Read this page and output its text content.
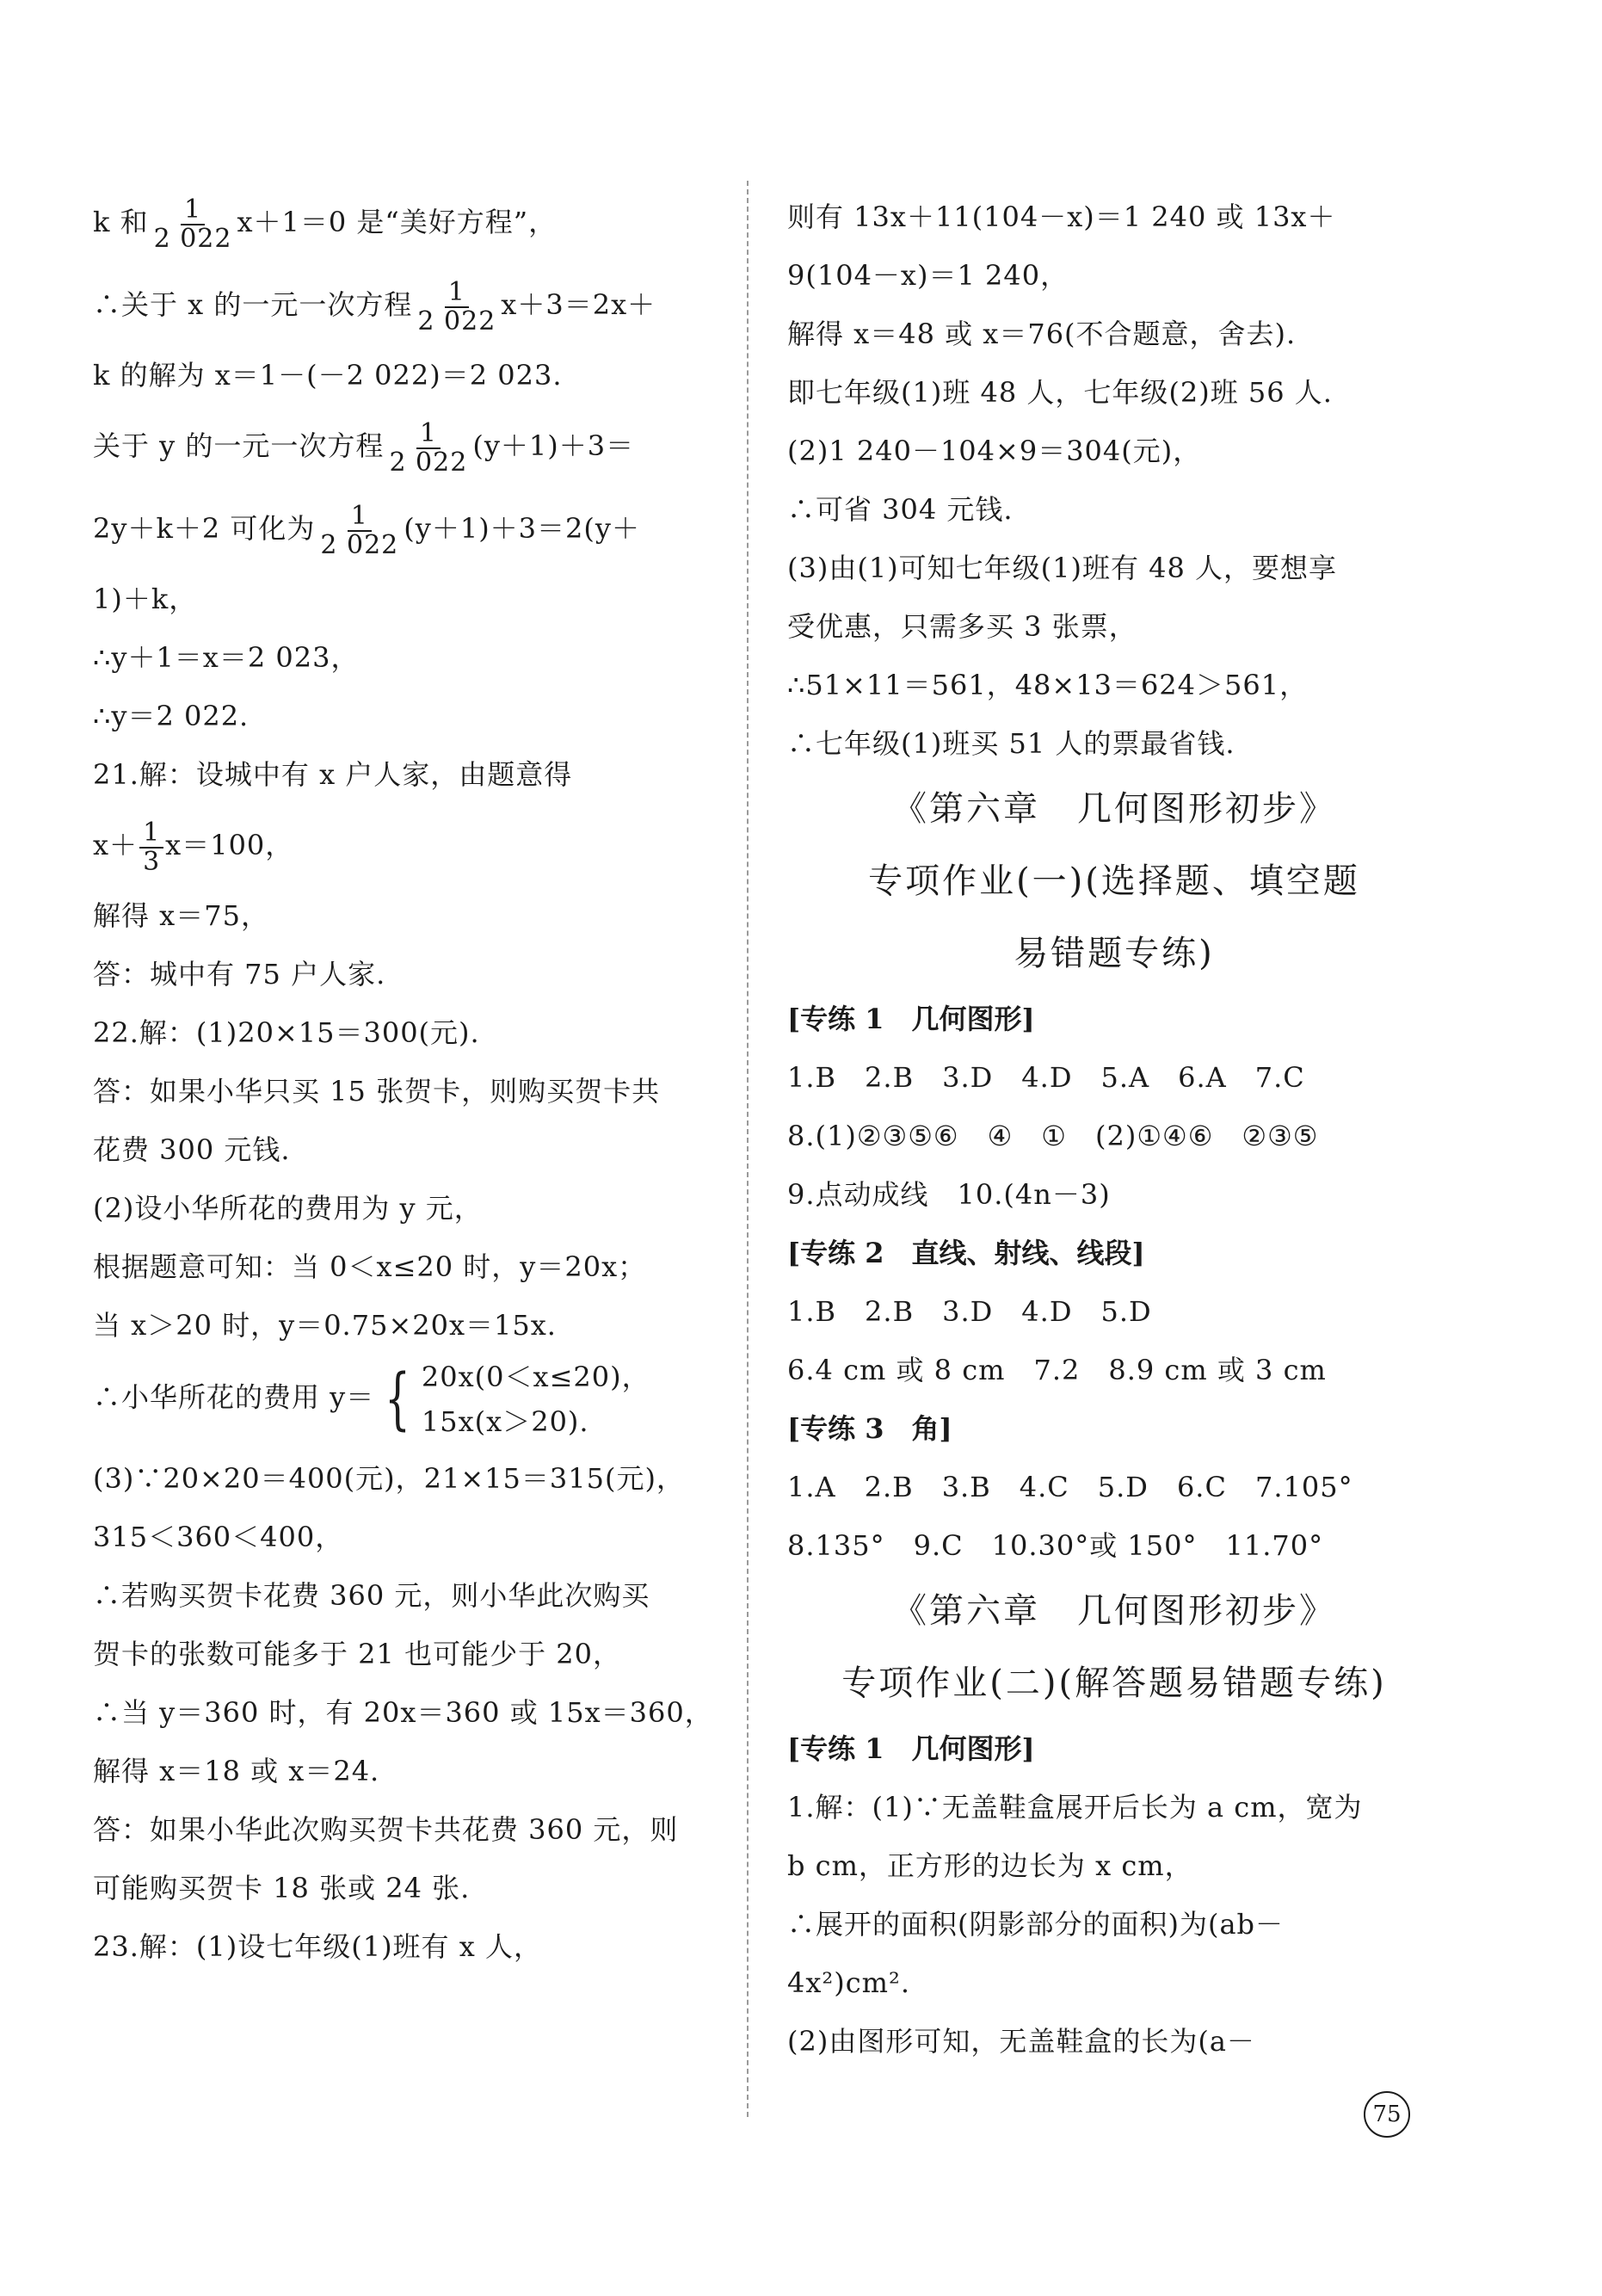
k 和 $\frac{1}{2 022} x+1=0$ 是“美好方程”，
∴关于 x 的一元一次方程 $\frac{1}{2 022} x+3=2x+$
k 的解为 x＝1－(－2 022)＝2 023.
关于 y 的一元一次方程 $\frac{1}{2 022} (y+1)+3=$
2y＋k＋2 可化为 $\frac{1}{2 022} (y+1)+3=2(y+$
1)＋k，
∴y＋1＝x＝2 023，
∴y＝2 022.
21.解：设城中有 x 户人家，由题意得
$x+ \frac{1}{3} x=100$，
解得 x＝75，
答：城中有 75 户人家.
22.解：(1)20×15＝300(元).
答：如果小华只买 15 张贺卡，则购买贺卡共
花费 300 元钱.
(2)设小华所花的费用为 y 元，
根据题意可知：当 0＜x≤20 时，y＝20x；
当 x＞20 时，y＝0.75×20x＝15x.
∴小华所花的费用 y＝ { 20x(0＜x≤20)，
15x(x＞20).
(3)∵20×20＝400(元)，21×15＝315(元)，
315＜360＜400，
∴若购买贺卡花费 360 元，则小华此次购买
贺卡的张数可能多于 21 也可能少于 20，
∴当 y＝360 时，有 20x＝360 或 15x＝360，
解得 x＝18 或 x＝24.
答：如果小华此次购买贺卡共花费 360 元，则
可能购买贺卡 18 张或 24 张.
23.解：(1)设七年级(1)班有 x 人，
则有 13x＋11(104－x)＝1 240 或 13x＋
9(104－x)＝1 240，
解得 x＝48 或 x＝76(不合题意，舍去).
即七年级(1)班 48 人，七年级(2)班 56 人.
(2)1 240－104×9＝304(元)，
∴可省 304 元钱.
(3)由(1)可知七年级(1)班有 48 人，要想享
受优惠，只需多买 3 张票，
∴51×11＝561，48×13＝624＞561，
∴七年级(1)班买 51 人的票最省钱.
《第六章　几何图形初步》
专项作业(一)(选择题、填空题
易错题专练)
[专练 1　几何图形]
1.B　2.B　3.D　4.D　5.A　6.A　7.C
8.(1)②③⑤⑥　④　①　(2)①④⑥　②③⑤
9.点动成线　10.(4n－3)
[专练 2　直线、射线、线段]
1.B　2.B　3.D　4.D　5.D
6.4 cm 或 8 cm　7.2　8.9 cm 或 3 cm
[专练 3　角]
1.A　2.B　3.B　4.C　5.D　6.C　7.105°
8.135°　9.C　10.30°或 150°　11.70°
《第六章　几何图形初步》
专项作业(二)(解答题易错题专练)
[专练 1　几何图形]
1.解：(1)∵无盖鞋盒展开后长为 a cm，宽为
b cm，正方形的边长为 x cm，
∴展开的面积(阴影部分的面积)为(ab－
4x²)cm².
(2)由图形可知，无盖鞋盒的长为(a－
75
